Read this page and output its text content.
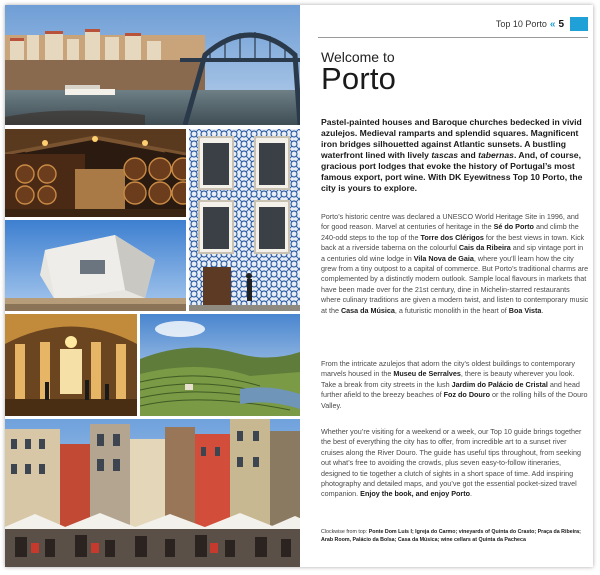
Top 10 Porto « 5
Welcome to
Porto
Pastel-painted houses and Baroque churches bedecked in vivid azulejos. Medieval ramparts and splendid squares. Magnificent iron bridges silhouetted against Atlantic sunsets. A bustling waterfront lined with lively tascas and tabernas. And, of course, gracious port lodges that evoke the history of Portugal’s most famous export, port wine. With DK Eyewitness Top 10 Porto, the city is yours to explore.
Porto’s historic centre was declared a UNESCO World Heritage Site in 1996, and for good reason. Marvel at centuries of heritage in the Sé do Porto and climb the 240-odd steps to the top of the Torre dos Clérigos for the best views in town. Kick back at a riverside taberna on the colourful Cais da Ribeira and sip vintage port in a centuries old wine lodge in Vila Nova de Gaia, where you’ll learn how the city grew from a tiny outpost to a capital of commerce. But Porto’s traditional charms are complemented by a distinctly modern outlook. Sample local flavours in markets that have been made over for the 21st century, dine in Michelin-starred restaurants where culinary traditions are given a modern twist, and listen to contemporary music at the Casa da Música, a futuristic monolith in the heart of Boa Vista.
From the intricate azulejos that adorn the city’s oldest buildings to contemporary marvels housed in the Museu de Serralves, there is beauty wherever you look. Take a break from city streets in the lush Jardim do Palácio de Cristal and head further afield to the breezy beaches of Foz do Douro or the rolling hills of the Douro Valley.
Whether you’re visiting for a weekend or a week, our Top 10 guide brings together the best of everything the city has to offer, from incredible art to a sunset river cruises along the River Douro. The guide has useful tips throughout, from seeking out what’s free to avoiding the crowds, plus seven easy-to-follow itineraries, designed to tie together a clutch of sights in a short space of time. Add inspiring photography and detailed maps, and you’ve got the essential pocket-sized travel companion. Enjoy the book, and enjoy Porto.
Clockwise from top: Ponte Dom Luís I; Igreja do Carmo; vineyards of Quinta do Crasto; Praça da Ribeira; Arab Room, Palácio da Bolsa; Casa da Música; wine cellars at Quinta da Pacheca
